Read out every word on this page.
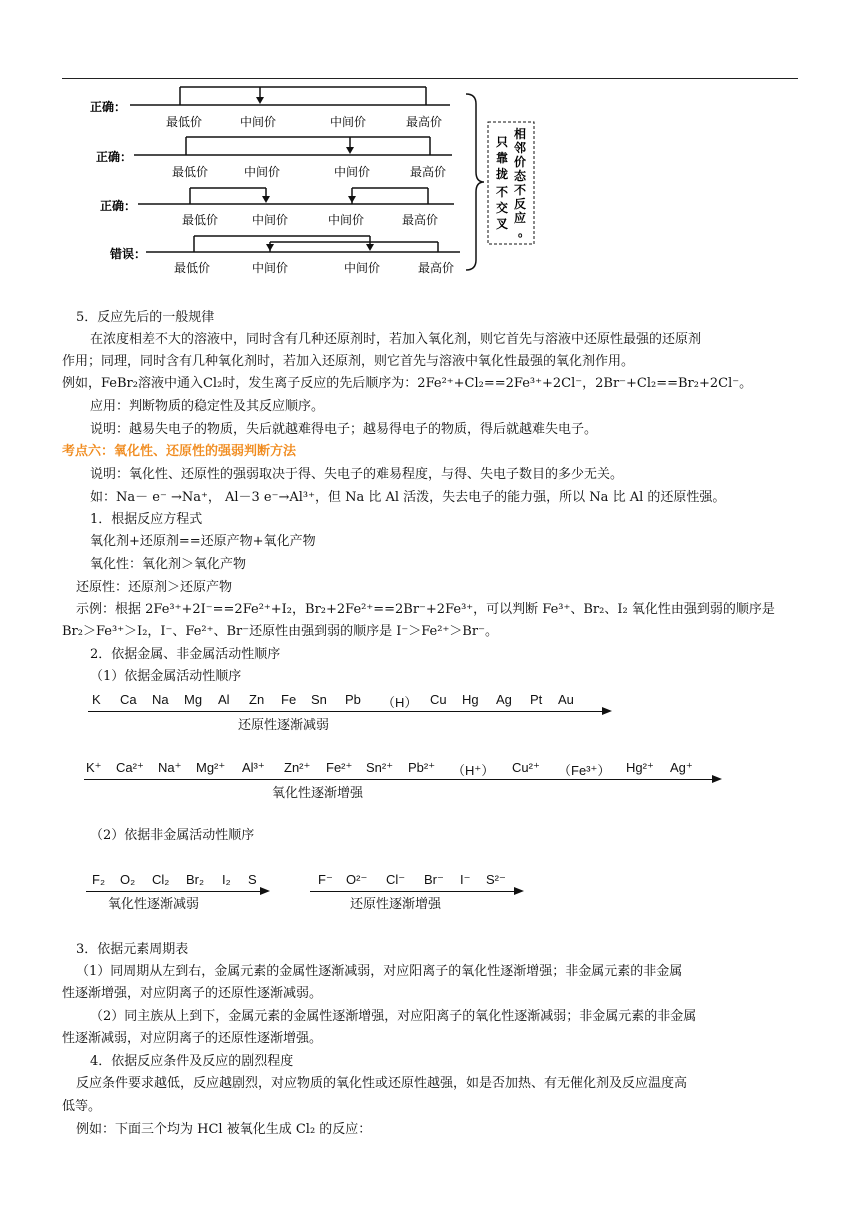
正确：
最低价	中间价	中间价	最高价
正确：
最低价	中间价	中间价	最高价
正确：
最低价	中间价	中间价	最高价
错误：
最低价	中间价	中间价	最高价
只
靠
拢
相
邻
价
态
不
交
叉
不
反
应
。
5．反应先后的一般规律
在浓度相差不大的溶液中，同时含有几种还原剂时，若加入氧化剂，则它首先与溶液中还原性最强的还原剂
作用；同理，同时含有几种氧化剂时，若加入还原剂，则它首先与溶液中氧化性最强的氧化剂作用。
例如，FeBr₂溶液中通入Cl₂时，发生离子反应的先后顺序为：2Fe²⁺+Cl₂==2Fe³⁺+2Cl⁻，2Br⁻+Cl₂==Br₂+2Cl⁻。
应用：判断物质的稳定性及其反应顺序。
说明：越易失电子的物质，失后就越难得电子；越易得电子的物质，得后就越难失电子。
考点六：氧化性、还原性的强弱判断方法
说明：氧化性、还原性的强弱取决于得、失电子的难易程度，与得、失电子数目的多少无关。
如：Na－ e⁻ →Na⁺， Al－3 e⁻→Al³⁺，但 Na 比 Al 活泼，失去电子的能力强，所以 Na 比 Al 的还原性强。
1．根据反应方程式
氧化剂+还原剂==还原产物+氧化产物
氧化性：氧化剂＞氧化产物
还原性：还原剂＞还原产物
示例：根据 2Fe³⁺+2I⁻==2Fe²⁺+I₂，Br₂+2Fe²⁺==2Br⁻+2Fe³⁺，可以判断 Fe³⁺、Br₂、I₂ 氧化性由强到弱的顺序是
Br₂＞Fe³⁺＞I₂，I⁻、Fe²⁺、Br⁻还原性由强到弱的顺序是 I⁻＞Fe²⁺＞Br⁻。
2．依据金属、非金属活动性顺序
（1）依据金属活动性顺序
K Ca Na Mg Al Zn Fe Sn Pb （H） Cu Hg Ag Pt Au
还原性逐渐减弱
K⁺ Ca²⁺ Na⁺ Mg²⁺ Al³⁺ Zn²⁺ Fe²⁺ Sn²⁺ Pb²⁺ （H⁺） Cu²⁺ （Fe³⁺） Hg²⁺ Ag⁺
氧化性逐渐增强
（2）依据非金属活动性顺序
F₂ O₂ Cl₂ Br₂ I₂ S
氧化性逐渐减弱
F⁻ O²⁻ Cl⁻ Br⁻ I⁻ S²⁻
还原性逐渐增强
3．依据元素周期表
（1）同周期从左到右，金属元素的金属性逐渐减弱，对应阳离子的氧化性逐渐增强；非金属元素的非金属
性逐渐增强，对应阴离子的还原性逐渐减弱。
（2）同主族从上到下，金属元素的金属性逐渐增强，对应阳离子的氧化性逐渐减弱；非金属元素的非金属
性逐渐减弱，对应阴离子的还原性逐渐增强。
4．依据反应条件及反应的剧烈程度
反应条件要求越低，反应越剧烈，对应物质的氧化性或还原性越强，如是否加热、有无催化剂及反应温度高
低等。
例如：下面三个均为 HCl 被氧化生成 Cl₂ 的反应：
